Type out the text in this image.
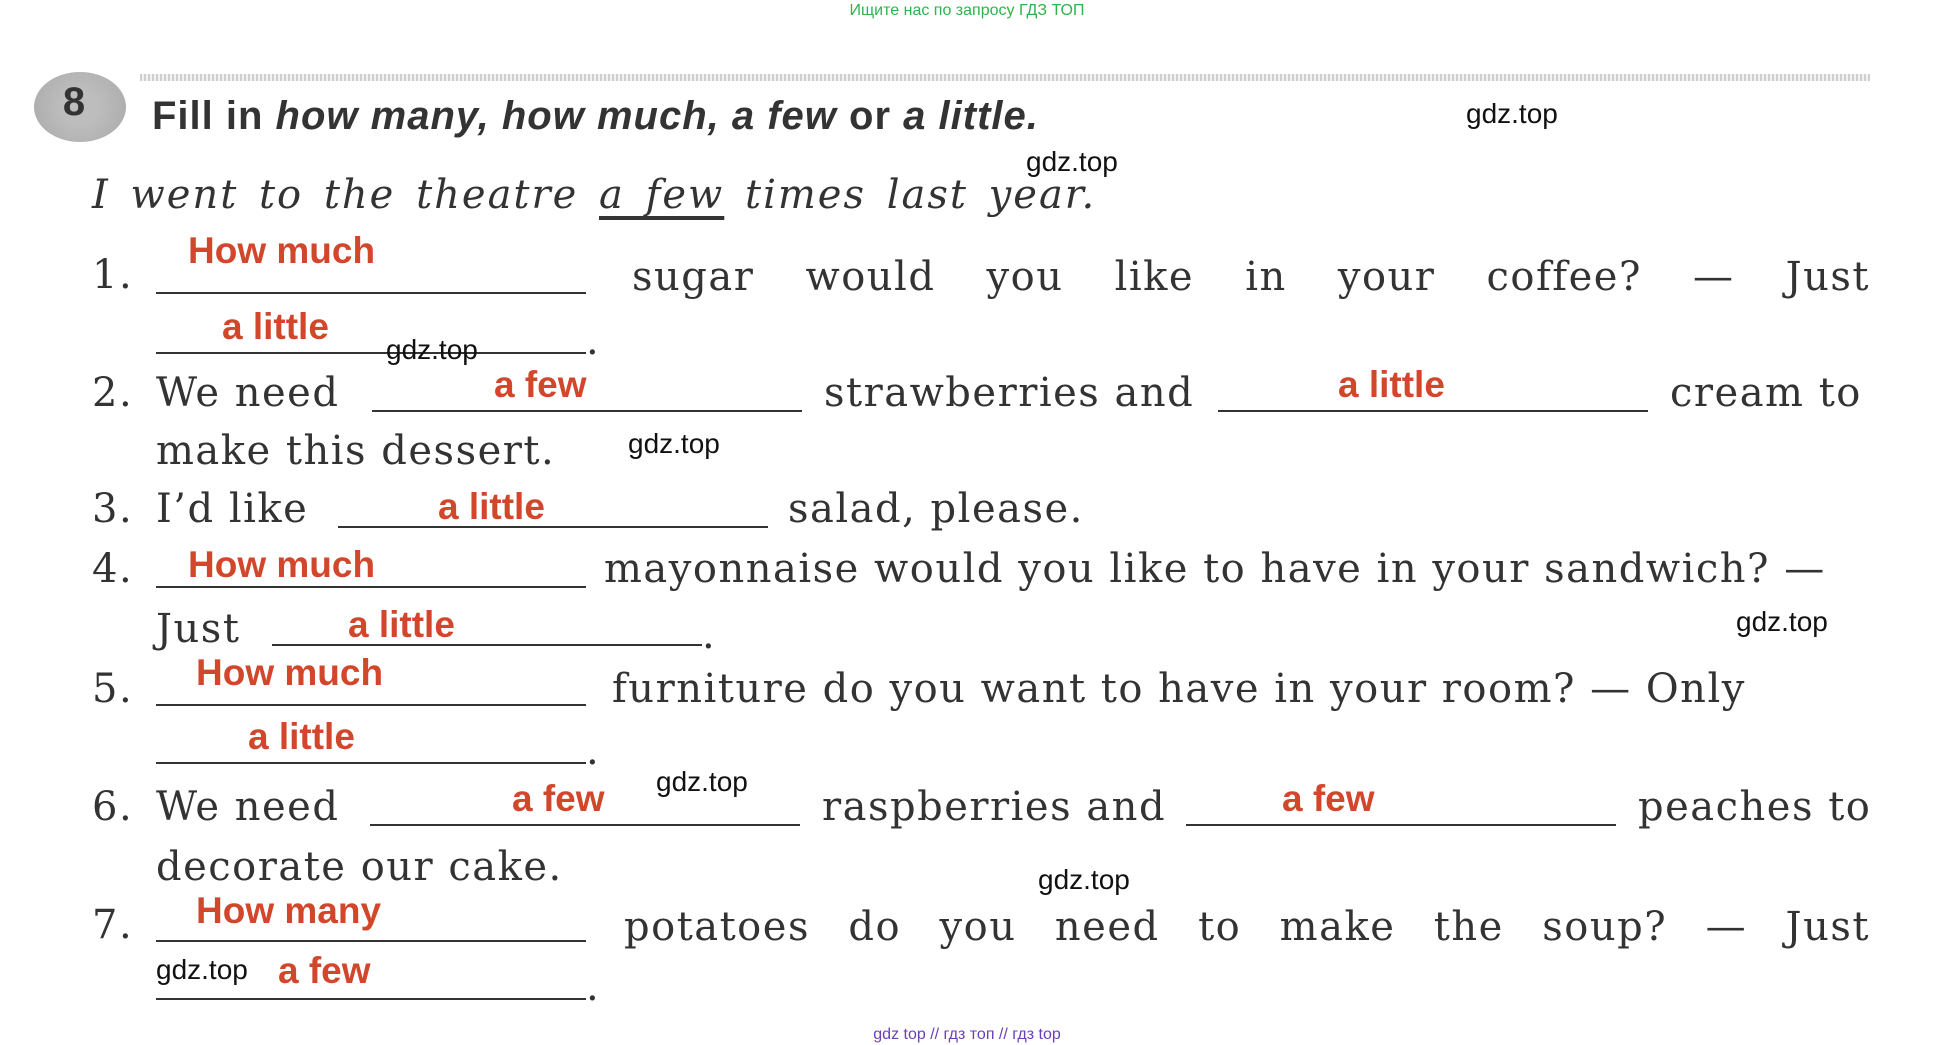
Ищите нас по запросу ГДЗ ТОП
8	Fill in how many, how much, a few or a little.
I went to the theatre a few times last year.
1.
How much
sugar would you like in your coffee? — Just
a little	.
2. We need	a few	strawberries and	a little	cream to
make this dessert.
3. I’d like	a little	salad, please.
4. How much	mayonnaise would you like to have in your sandwich? —
Just	a little	.
5. How much	furniture do you want to have in your room? — Only
a little	.
6. We need	a few	raspberries and	a few	peaches to
decorate our cake.
7. How many	potatoes do you need to make the soup? — Just
a few	.
gdz.top
gdz.top
gdz.top
gdz.top
gdz.top
gdz.top
gdz.top
gdz.top
gdz top // гдз топ // гдз top
